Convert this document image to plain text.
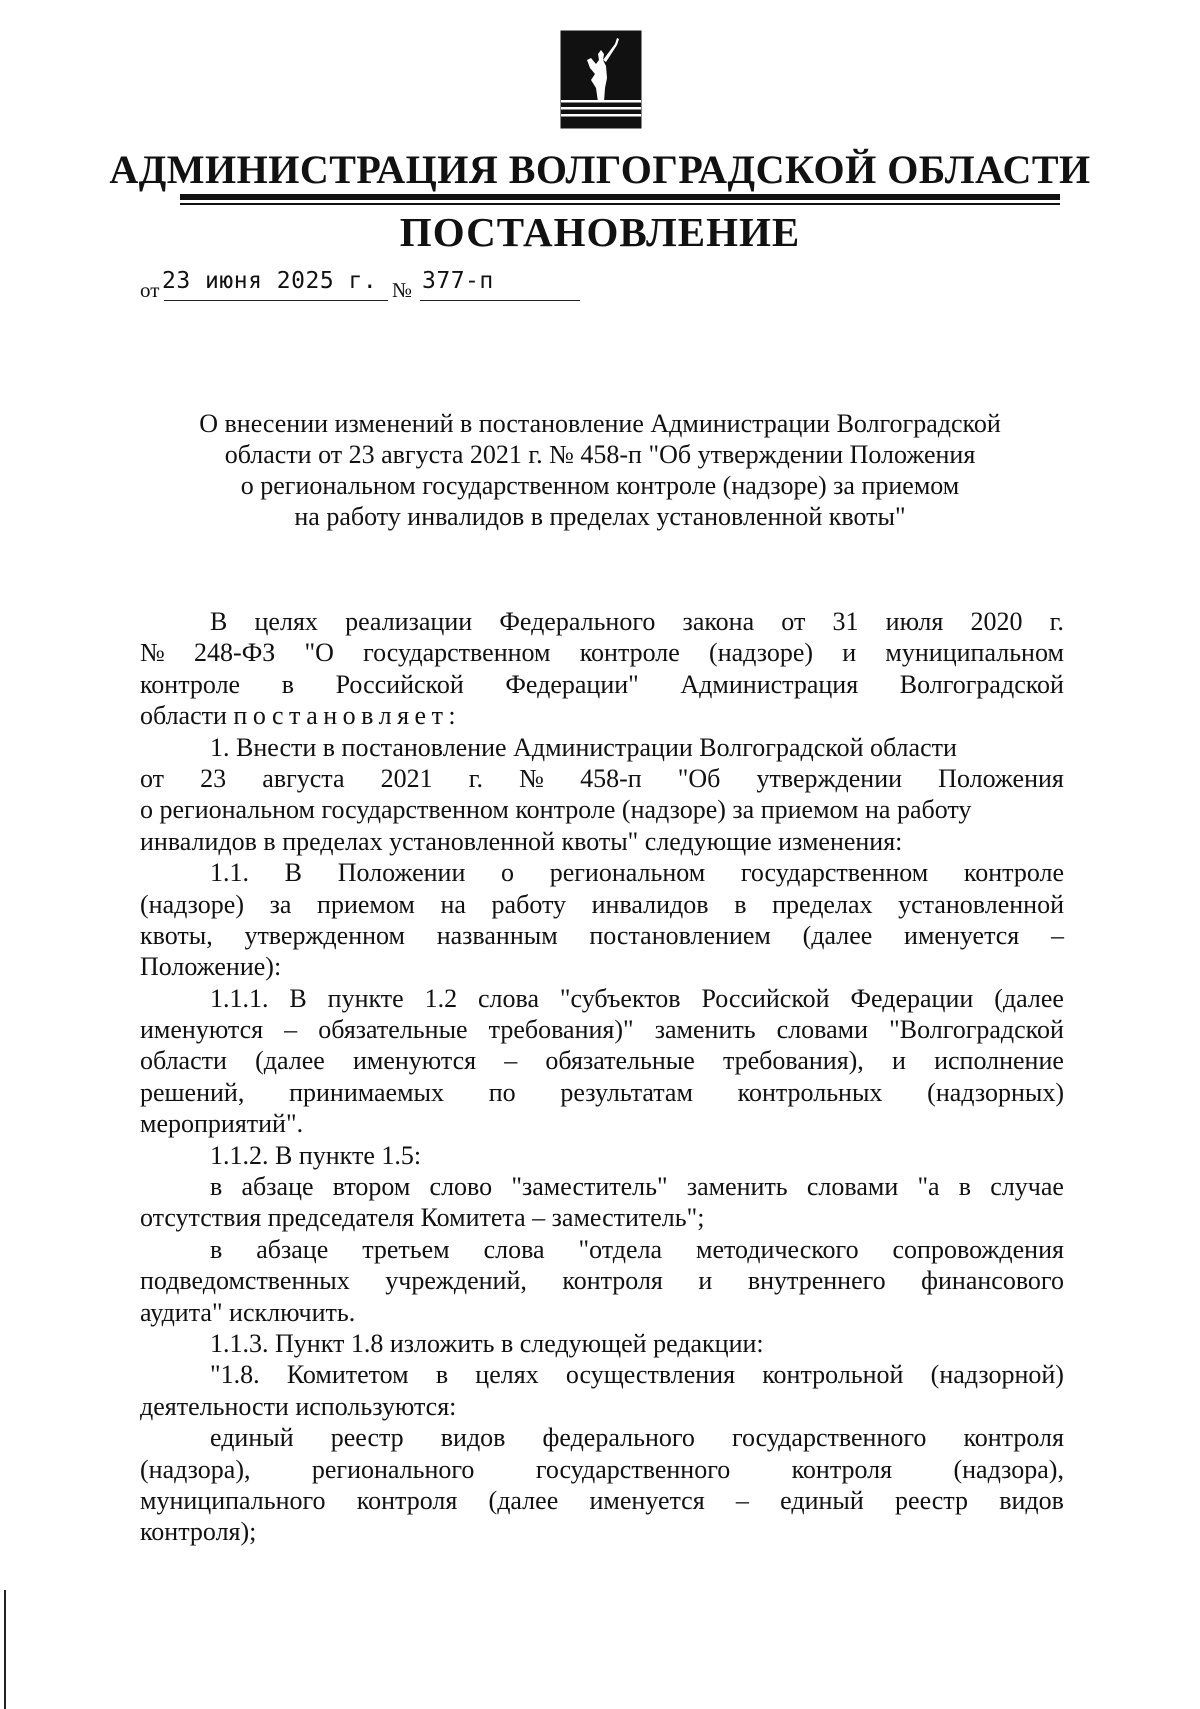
АДМИНИСТРАЦИЯ ВОЛГОГРАДСКОЙ ОБЛАСТИ
ПОСТАНОВЛЕНИЕ
от 23 июня 2025 г. № 377-п
О внесении изменений в постановление Администрации Волгоградской
области от 23 августа 2021 г. № 458-п "Об утверждении Положения
о региональном государственном контроле (надзоре) за приемом
на работу инвалидов в пределах установленной квоты"
В целях реализации Федерального закона от 31 июля 2020 г.
№ 248-ФЗ "О государственном контроле (надзоре) и муниципальном
контроле в Российской Федерации" Администрация Волгоградской
области постановляет:
1. Внести в постановление Администрации Волгоградской области
от 23 августа 2021 г. № 458-п "Об утверждении Положения
о региональном государственном контроле (надзоре) за приемом на работу
инвалидов в пределах установленной квоты" следующие изменения:
1.1. В Положении о региональном государственном контроле
(надзоре) за приемом на работу инвалидов в пределах установленной
квоты, утвержденном названным постановлением (далее именуется –
Положение):
1.1.1. В пункте 1.2 слова "субъектов Российской Федерации (далее
именуются – обязательные требования)" заменить словами "Волгоградской
области (далее именуются – обязательные требования), и исполнение
решений, принимаемых по результатам контрольных (надзорных)
мероприятий".
1.1.2. В пункте 1.5:
в абзаце втором слово "заместитель" заменить словами "а в случае
отсутствия председателя Комитета – заместитель";
в абзаце третьем слова "отдела методического сопровождения
подведомственных учреждений, контроля и внутреннего финансового
аудита" исключить.
1.1.3. Пункт 1.8 изложить в следующей редакции:
"1.8. Комитетом в целях осуществления контрольной (надзорной)
деятельности используются:
единый реестр видов федерального государственного контроля
(надзора), регионального государственного контроля (надзора),
муниципального контроля (далее именуется – единый реестр видов
контроля);
